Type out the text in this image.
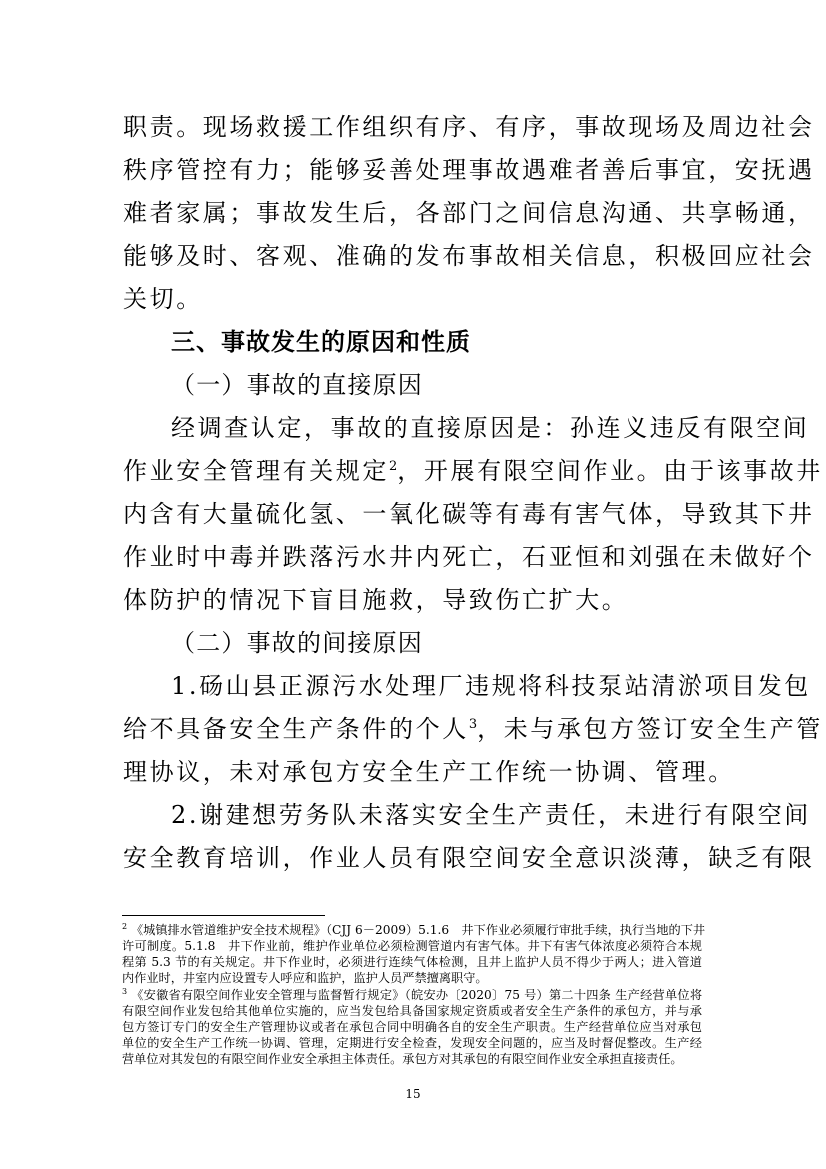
职责。现场救援工作组织有序、有序，事故现场及周边社会
秩序管控有力；能够妥善处理事故遇难者善后事宜，安抚遇
难者家属；事故发生后，各部门之间信息沟通、共享畅通，
能够及时、客观、准确的发布事故相关信息，积极回应社会
关切。
三、事故发生的原因和性质
（一）事故的直接原因
经调查认定，事故的直接原因是：孙连义违反有限空间
作业安全管理有关规定$^2$，开展有限空间作业。由于该事故井
内含有大量硫化氢、一氧化碳等有毒有害气体，导致其下井
作业时中毒并跌落污水井内死亡，石亚恒和刘强在未做好个
体防护的情况下盲目施救，导致伤亡扩大。
（二）事故的间接原因
1.砀山县正源污水处理厂违规将科技泵站清淤项目发包
给不具备安全生产条件的个人$^3$，未与承包方签订安全生产管
理协议，未对承包方安全生产工作统一协调、管理。
2.谢建想劳务队未落实安全生产责任，未进行有限空间
安全教育培训，作业人员有限空间安全意识淡薄，缺乏有限
$^2$ 《城镇排水管道维护安全技术规程》（CJJ 6－2009）5.1.6　井下作业必须履行审批手续，执行当地的下井
许可制度。5.1.8　井下作业前，维护作业单位必须检测管道内有害气体。井下有害气体浓度必须符合本规
程第 5.3 节的有关规定。井下作业时，必须进行连续气体检测，且井上监护人员不得少于两人；进入管道
内作业时，井室内应设置专人呼应和监护，监护人员严禁擅离职守。
$^3$ 《安徽省有限空间作业安全管理与监督暂行规定》（皖安办〔2020〕75 号）第二十四条 生产经营单位将
有限空间作业发包给其他单位实施的，应当发包给具备国家规定资质或者安全生产条件的承包方，并与承
包方签订专门的安全生产管理协议或者在承包合同中明确各自的安全生产职责。生产经营单位应当对承包
单位的安全生产工作统一协调、管理，定期进行安全检查，发现安全问题的，应当及时督促整改。生产经
营单位对其发包的有限空间作业安全承担主体责任。承包方对其承包的有限空间作业安全承担直接责任。
15
